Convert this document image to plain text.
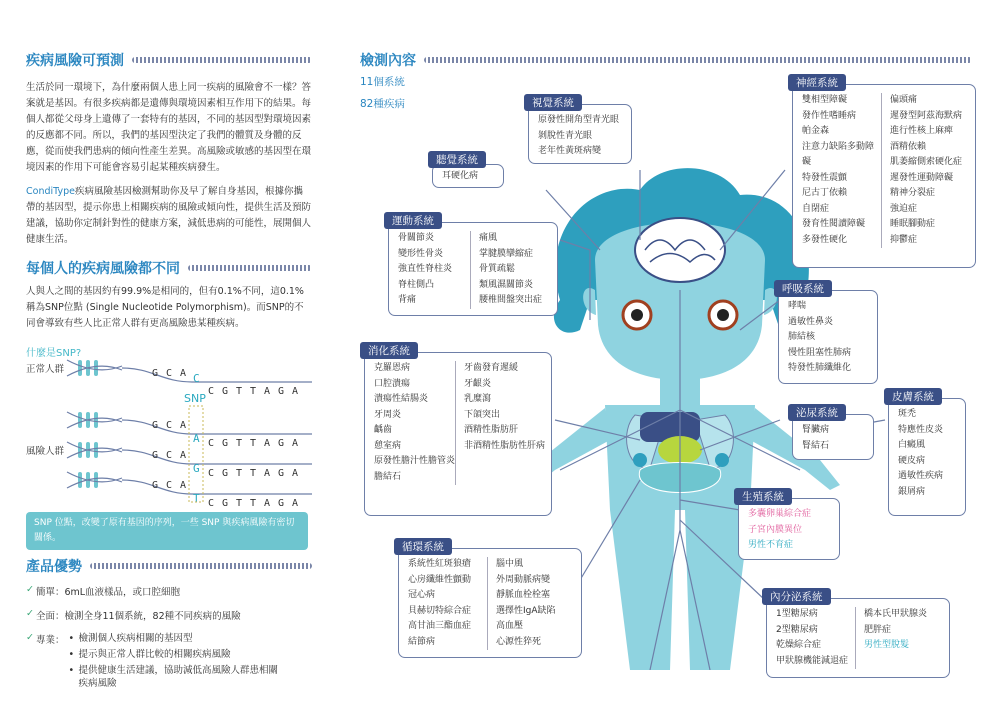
疾病風險可預測
生活於同一環境下，為什麼兩個人患上同一疾病的風險會不一樣？答案就是基因。有很多疾病都是遺傳與環境因素相互作用下的結果。每個人都從父母身上遺傳了一套特有的基因，不同的基因型對環境因素的反應都不同。所以，我們的基因型決定了我們的體質及身體的反應，從而使我們患病的傾向性產生差異。高風險或敏感的基因型在環境因素的作用下可能會容易引起某種疾病發生。
CondiType疾病風險基因檢測幫助你及早了解自身基因，根據你攜帶的基因型，提示你患上相關疾病的風險或傾向性，提供生活及預防建議，協助你定制針對性的健康方案，減低患病的可能性，展開個人健康生活。
每個人的疾病風險都不同
人與人之間的基因約有99.9%是相同的，但有0.1%不同，這0.1%稱為SNP位點 (Single Nucleotide Polymorphism)。而SNP的不同會導致有些人比正常人群有更高風險患某種疾病。
什麼是SNP?
正常人群
風險人群
G C A C
C G T T A G A
G C A
A C G T T A G A
G C A
G C G T T A G A
G C A
T C G T T A G A
SNP
SNP 位點，改變了原有基因的序列，一些 SNP 與疾病風險有密切關係。
產品優勢
✓ 簡單：6mL血液樣品，或口腔細胞
✓ 全面：檢測全身11個系統，82種不同疾病的風險
✓ 專業：
•	檢測個人疾病相關的基因型
• 提示與正常人群比較的相關疾病風險
• 提供健康生活建議，協助減低高風險人群患相關疾病風險
檢測內容
11個系統
82種疾病
原發性開角型青光眼
剝脫性青光眼
老年性黃斑病變
視覺系統
耳硬化病
聽覺系統
骨關節炎
變形性骨炎
強直性脊柱炎
脊柱側凸
背痛
痛風
掌腱膜攣縮症
骨質疏鬆
類風濕關節炎
腰椎間盤突出症
運動系統
克羅恩病
口腔潰瘍
潰瘍性結腸炎
牙周炎
齲齒
憩室病
原發性膽汁性膽管炎
膽結石
牙齒發育遲緩
牙齦炎
乳糜瀉
下頜突出
酒精性脂肪肝
非酒精性脂肪性肝病
消化系統
系統性紅斑狼瘡
心房纖維性顫動
冠心病
貝赫切特綜合症
高甘油三酯血症
結節病
腦中風
外周動脈病變
靜脈血栓栓塞
選擇性IgA缺陷
高血壓
心源性猝死
循環系統
雙相型障礙
發作性嗜睡病
帕金森
注意力缺陷多動障礙
特發性震顫
尼古丁依賴
自閉症
發育性閱讀障礙
多發性硬化
偏頭痛
遲發型阿茲海默病
進行性核上麻痺
酒精依賴
肌萎縮側索硬化症
遲發性運動障礙
精神分裂症
強迫症
睡眠腳動症
抑鬱症
神經系統
哮喘
過敏性鼻炎
肺結核
慢性阻塞性肺病
特發性肺纖維化
呼吸系統
腎臟病
腎結石
泌尿系統	斑禿
特應性皮炎
白癜風
硬皮病
過敏性疾病
銀屑病
皮膚系統
多囊卵巢綜合症
子宮內膜異位
男性不育症
生殖系統
1型糖尿病
2型糖尿病
乾燥綜合症
甲狀腺機能減退症
橋本氏甲狀腺炎
肥胖症
男性型脫髮
內分泌系統
